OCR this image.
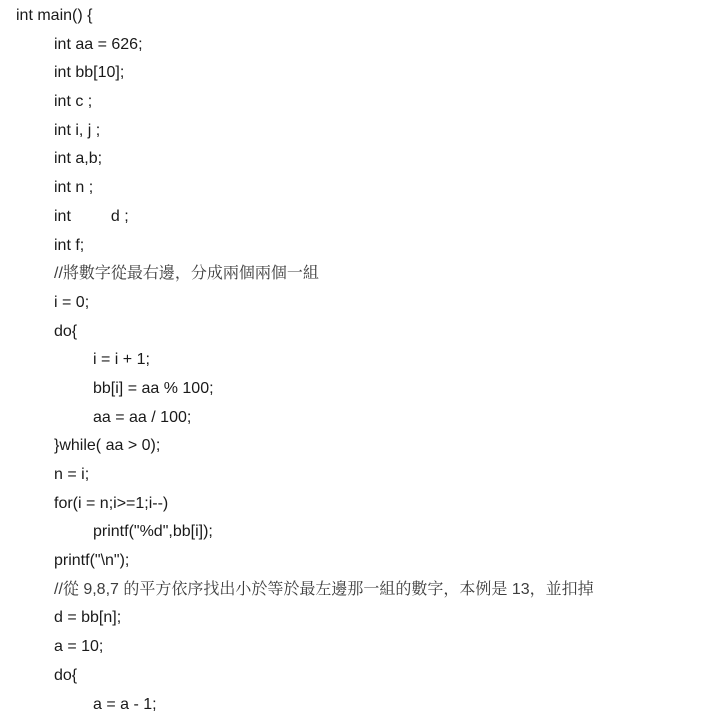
int main() {
int aa = 626;
int bb[10];
int c ;
int i, j ;
int a,b;
int n ;
int         d ;
int f;
//將數字從最右邊，分成兩個兩個一組
i = 0;
do{
i = i + 1;
bb[i] = aa % 100;
aa = aa / 100;
}while( aa > 0);
n = i;
for(i = n;i>=1;i--)
printf("%d",bb[i]);
printf("\n");
//從 9,8,7 的平方依序找出小於等於最左邊那一組的數字，本例是 13，並扣掉
d = bb[n];
a = 10;
do{
a = a - 1;
